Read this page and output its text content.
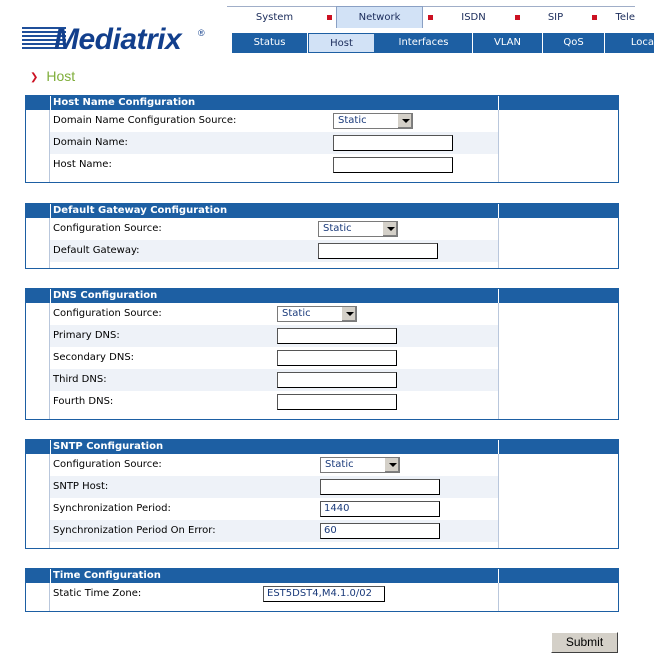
Mediatrix ®
System	Network	ISDN	SIP	Tele
Status	Host	Interfaces	VLAN	QoS	Loca
❯ Host
Host Name Configuration
Domain Name Configuration Source:	Static
Domain Name:
Host Name:
Default Gateway Configuration
Configuration Source:	Static
Default Gateway:
DNS Configuration
Configuration Source:	Static
Primary DNS:
Secondary DNS:
Third DNS:
Fourth DNS:
SNTP Configuration
Configuration Source:	Static
SNTP Host:
Synchronization Period:	1440
Synchronization Period On Error:	60
Time Configuration
Static Time Zone:	EST5DST4,M4.1.0/02
Submit
